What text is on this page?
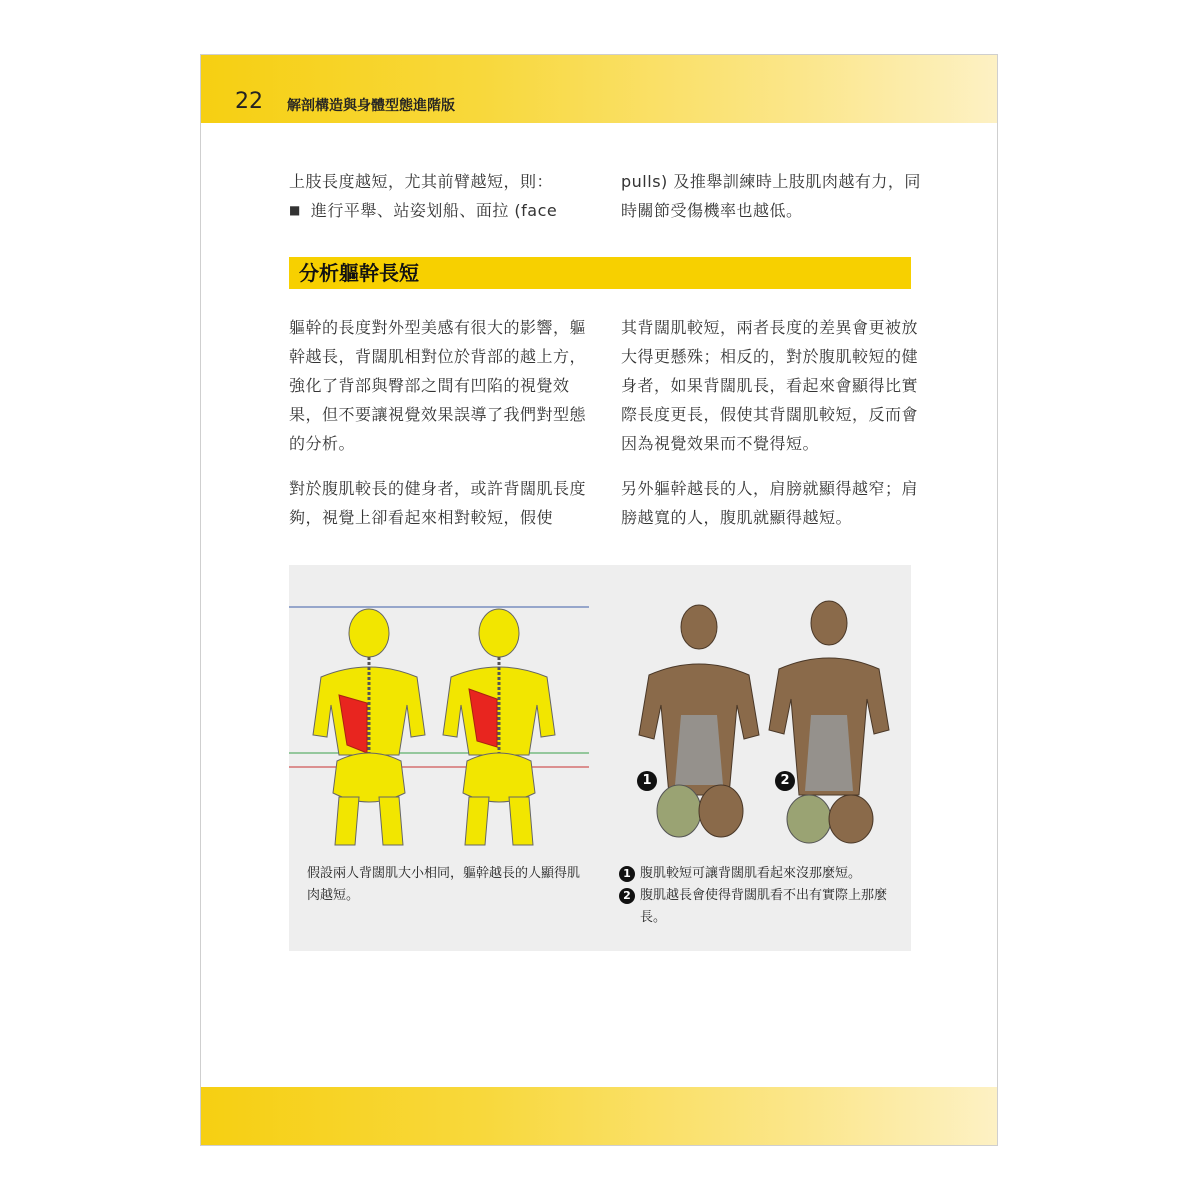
22 解剖構造與身體型態進階版

上肢長度越短，尤其前臂越短，則：

■ 進行平舉、站姿划船、面拉 (face

pulls) 及推舉訓練時上肢肌肉越有力，同時關節受傷機率也越低。

分析軀幹長短

軀幹的長度對外型美感有很大的影響，軀幹越長，背闊肌相對位於背部的越上方，強化了背部與臀部之間有凹陷的視覺效果，但不要讓視覺效果誤導了我們對型態的分析。

對於腹肌較長的健身者，或許背闊肌長度夠，視覺上卻看起來相對較短，假使

其背闊肌較短，兩者長度的差異會更被放大得更懸殊；相反的，對於腹肌較短的健身者，如果背闊肌長，看起來會顯得比實際長度更長，假使其背闊肌較短，反而會因為視覺效果而不覺得短。

另外軀幹越長的人，肩膀就顯得越窄；肩膀越寬的人，腹肌就顯得越短。

1	2
假設兩人背闊肌大小相同，軀幹越長的人顯得肌肉越短。
1 腹肌較短可讓背闊肌看起來沒那麼短。
2 腹肌越長會使得背闊肌看不出有實際上那麼長。
